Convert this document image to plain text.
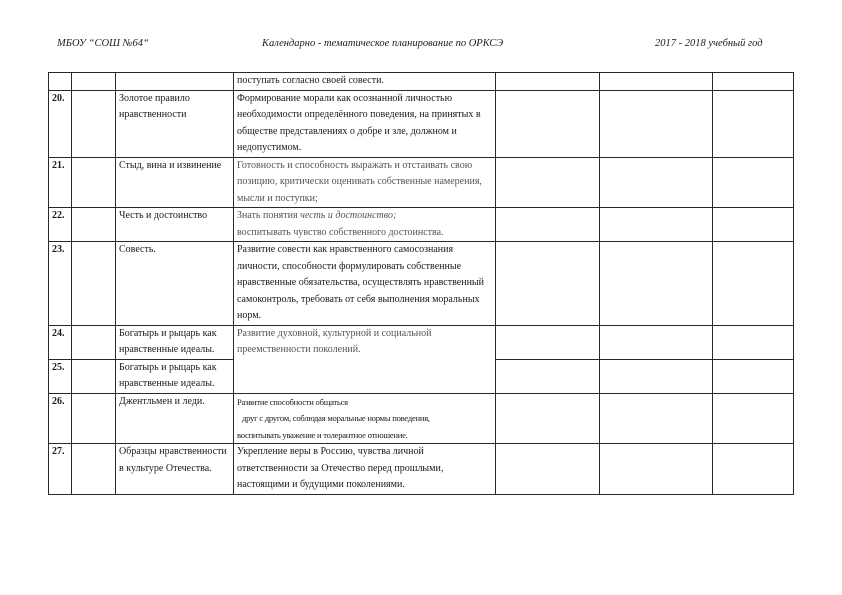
МБОУ “СОШ №64“	Календарно - тематическое планирование по ОРКСЭ	2017 - 2018 учебный год
			поступать согласно своей совести.			
20.		Золотое правило нравственности	Формирование морали как осознанной личностью необходимости определённого поведения, на принятых в обществе представлениях о добре и зле, должном и недопустимом.			
21.		Стыд, вина и извинение	Готовность и способность выражать и отстаивать свою позицию, критически оценивать собственные намерения, мысли и поступки;			
22.		Честь и достоинство	Знать понятия честь и достоинство;
воспитывать чувство собственного достоинства.			
23.		Совесть.	Развитие совести как нравственного самосознания личности, способности формулировать собственные нравственные обязательства, осуществлять нравственный самоконтроль, требовать от себя выполнения моральных норм.			
24.		Богатырь и рыцарь как нравственные идеалы.	Развитие духовной, культурной и социальной преемственности поколений.			
25.		Богатырь и рыцарь как нравственные идеалы.				
26.		Джентльмен и леди.	Развитие способности общаться
друг с другом, соблюдая моральные нормы поведения,
воспитывать уважение и толерантное отношение.			

27.		Образцы нравственности в культуре Отечества.	Укрепление веры в Россию, чувства личной ответственности за Отечество перед прошлыми, настоящими и будущими поколениями.			
